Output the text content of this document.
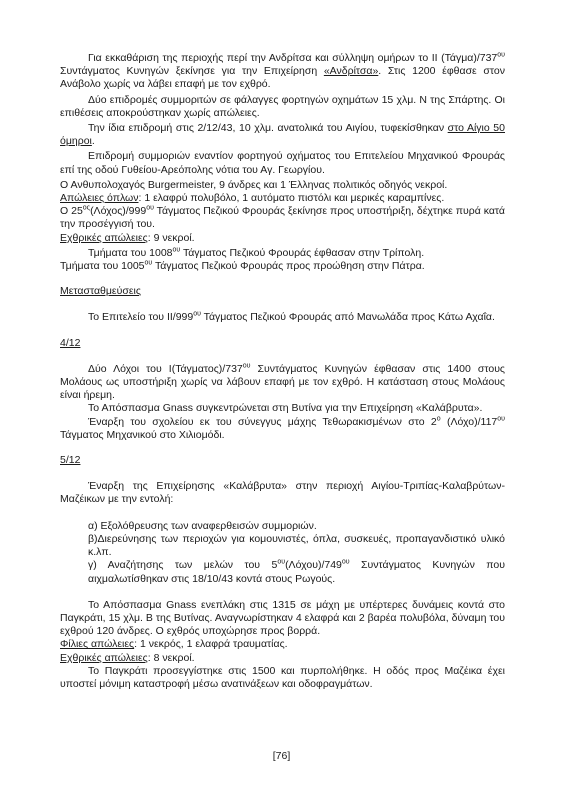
Για εκκαθάριση της περιοχής περί την Ανδρίτσα και σύλληψη ομήρων το ΙΙ $(Tά\gamma\mu\alpha)/737^{o\upsilon}$ Συντάγματος Κυνηγών ξεκίνησε για την Επιχείρηση «Ανδρίτσα». Στις 1200 έφθασε στον Ανάβολο χωρίς να λάβει επαφή με τον εχθρό.

Δύο επιδρομές συμμοριτών σε φάλαγγες φορτηγών οχημάτων 15 χλμ. Ν της Σπάρτης. Οι επιθέσεις αποκρούστηκαν χωρίς απώλειες.

Την ίδια επιδρομή στις 2/12/43, 10 χλμ. ανατολικά του Αιγίου, τυφεκίσθηκαν στο Αίγιο 50 όμηροι.

Επιδρομή συμμοριών εναντίον φορτηγού οχήματος του Επιτελείου Μηχανικού Φρουράς επί της οδού Γυθείου-Αρεόπολης νότια του Αγ. Γεωργίου.

Ο Ανθυπολοχαγός Burgermeister, 9 άνδρες και 1 Έλληνας πολιτικός οδηγός νεκροί.

Απώλειες όπλων: 1 ελαφρύ πολυβόλο, 1 αυτόματο πιστόλι και μερικές καραμπίνες.

Ο $25^{o\varsigma}(\Lambda ό\chi o\varsigma)/999^{o\upsilon}$ Τάγματος Πεζικού Φρουράς ξεκίνησε προς υποστήριξη, δέχτηκε πυρά κατά την προσέγγισή του.

Εχθρικές απώλειες: 9 νεκροί.

Τμήματα του $1008^{o\upsilon}$ Τάγματος Πεζικού Φρουράς έφθασαν στην Τρίπολη.

Τμήματα του $1005^{o\upsilon}$ Τάγματος Πεζικού Φρουράς προς προώθηση στην Πάτρα.

Μετασταθμεύσεις

Το Επιτελείο του $II/999^{o\upsilon}$ Τάγματος Πεζικού Φρουράς από Μανωλάδα προς Κάτω Αχαΐα.

4/12

Δύο Λόχοι του $I(Tά\gamma\mu\alpha\tau o\varsigma)/737^{o\upsilon}$ Συντάγματος Κυνηγών έφθασαν στις 1400 στους Μολάους ως υποστήριξη χωρίς να λάβουν επαφή με τον εχθρό. Η κατάσταση στους Μολάους είναι ήρεμη.

Το Απόσπασμα Gnass συγκεντρώνεται στη Βυτίνα για την Επιχείρηση «Καλάβρυτα».

Έναρξη του σχολείου εκ του σύνεγγυς μάχης Τεθωρακισμένων στο $2^o$ $(\Lambda ό\chi o)/117^{o\upsilon}$ Τάγματος Μηχανικού στο Χιλιομόδι.

5/12

Έναρξη της Επιχείρησης «Καλάβρυτα» στην περιοχή Αιγίου-Τριπίας-Καλαβρύτων-Μαζέικων με την εντολή:

α) Εξολόθρευσης των αναφερθεισών συμμοριών.

β)Διερεύνησης των περιοχών για κομουνιστές, όπλα, συσκευές, προπαγανδιστικό υλικό κ.λπ.

γ) Αναζήτησης των μελών του $5^{o\upsilon}(\Lambda ό\chi o\upsilon)/749^{o\upsilon}$ Συντάγματος Κυνηγών που αιχμαλωτίσθηκαν στις 18/10/43 κοντά στους Ρωγούς.

Το Απόσπασμα Gnass ενεπλάκη στις 1315 σε μάχη με υπέρτερες δυνάμεις κοντά στο Παγκράτι, 15 χλμ. Β της Βυτίνας. Αναγνωρίστηκαν 4 ελαφρά και 2 βαρέα πολυβόλα, δύναμη του εχθρού 120 άνδρες. Ο εχθρός υποχώρησε προς βορρά.

Φίλιες απώλειες: 1 νεκρός, 1 ελαφρά τραυματίας.

Εχθρικές απώλειες: 8 νεκροί.

Το Παγκράτι προσεγγίστηκε στις 1500 και πυρπολήθηκε. Η οδός προς Μαζέικα έχει υποστεί μόνιμη καταστροφή μέσω ανατινάξεων και οδοφραγμάτων.

[76]
